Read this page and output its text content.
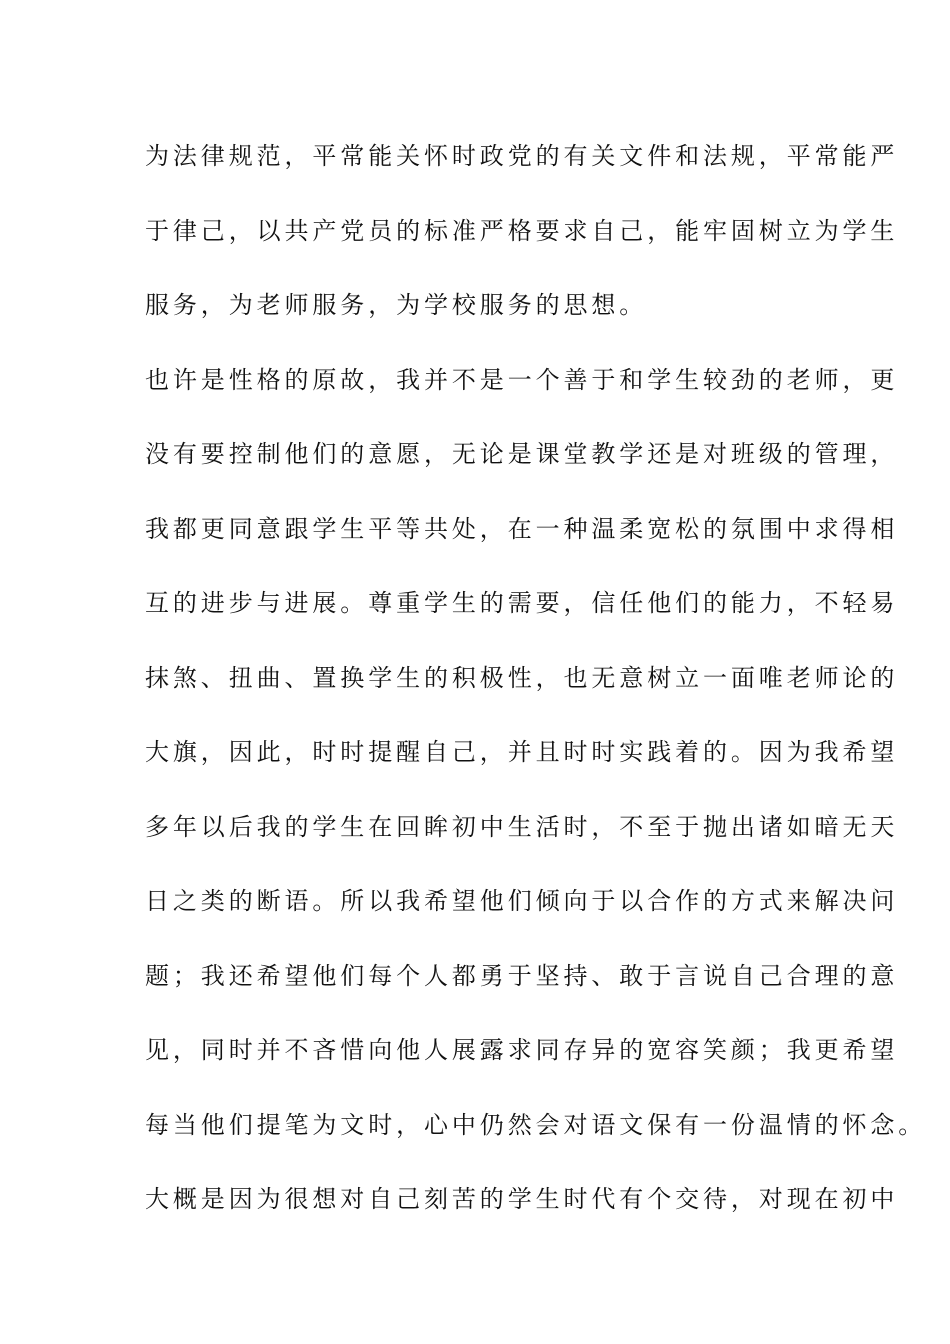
为法律规范，平常能关怀时政党的有关文件和法规，平常能严
于律己，以共产党员的标准严格要求自己，能牢固树立为学生
服务，为老师服务，为学校服务的思想。
也许是性格的原故，我并不是一个善于和学生较劲的老师，更
没有要控制他们的意愿，无论是课堂教学还是对班级的管理，
我都更同意跟学生平等共处，在一种温柔宽松的氛围中求得相
互的进步与进展。尊重学生的需要，信任他们的能力，不轻易
抹煞、扭曲、置换学生的积极性，也无意树立一面唯老师论的
大旗，因此，时时提醒自己，并且时时实践着的。因为我希望
多年以后我的学生在回眸初中生活时，不至于抛出诸如暗无天
日之类的断语。所以我希望他们倾向于以合作的方式来解决问
题；我还希望他们每个人都勇于坚持、敢于言说自己合理的意
见，同时并不吝惜向他人展露求同存异的宽容笑颜；我更希望
每当他们提笔为文时，心中仍然会对语文保有一份温情的怀念。
大概是因为很想对自己刻苦的学生时代有个交待，对现在初中
